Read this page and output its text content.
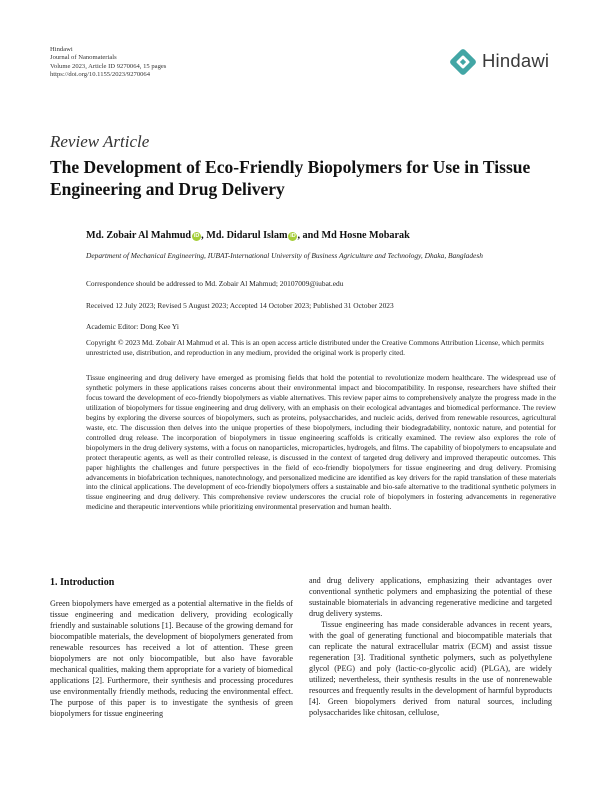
Hindawi
Journal of Nanomaterials
Volume 2023, Article ID 9270064, 15 pages
https://doi.org/10.1155/2023/9270064
Hindawi
Review Article
The Development of Eco-Friendly Biopolymers for Use in Tissue Engineering and Drug Delivery
Md. Zobair Al Mahmud iD , Md. Didarul Islam iD , and Md Hosne Mobarak
Department of Mechanical Engineering, IUBAT-International University of Business Agriculture and Technology, Dhaka, Bangladesh
Correspondence should be addressed to Md. Zobair Al Mahmud; 20107009@iubat.edu
Received 12 July 2023; Revised 5 August 2023; Accepted 14 October 2023; Published 31 October 2023
Academic Editor: Dong Kee Yi
Copyright © 2023 Md. Zobair Al Mahmud et al. This is an open access article distributed under the Creative Commons Attribution License, which permits unrestricted use, distribution, and reproduction in any medium, provided the original work is properly cited.
Tissue engineering and drug delivery have emerged as promising fields that hold the potential to revolutionize modern healthcare. The widespread use of synthetic polymers in these applications raises concerns about their environmental impact and biocompatibility. In response, researchers have shifted their focus toward the development of eco-friendly biopolymers as viable alternatives. This review paper aims to comprehensively analyze the progress made in the utilization of biopolymers for tissue engineering and drug delivery, with an emphasis on their ecological advantages and biomedical performance. The review begins by exploring the diverse sources of biopolymers, such as proteins, polysaccharides, and nucleic acids, derived from renewable resources, agricultural waste, etc. The discussion then delves into the unique properties of these biopolymers, including their biodegradability, nontoxic nature, and potential for controlled drug release. The incorporation of biopolymers in tissue engineering scaffolds is critically examined. The review also explores the role of biopolymers in the drug delivery systems, with a focus on nanoparticles, microparticles, hydrogels, and films. The capability of biopolymers to encapsulate and protect therapeutic agents, as well as their controlled release, is discussed in the context of targeted drug delivery and improved therapeutic outcomes. This paper highlights the challenges and future perspectives in the field of eco-friendly biopolymers for tissue engineering and drug delivery. Promising advancements in biofabrication techniques, nanotechnology, and personalized medicine are identified as key drivers for the rapid translation of these materials into the clinical applications. The development of eco-friendly biopolymers offers a sustainable and bio-safe alternative to the traditional synthetic polymers in tissue engineering and drug delivery. This comprehensive review underscores the crucial role of biopolymers in fostering advancements in regenerative medicine and therapeutic interventions while prioritizing environmental preservation and human health.
1. Introduction

Green biopolymers have emerged as a potential alternative in the fields of tissue engineering and medication delivery, providing ecologically friendly and sustainable solutions [1]. Because of the growing demand for biocompatible materials, the development of biopolymers generated from renewable resources has received a lot of attention. These green biopolymers are not only biocompatible, but also have favorable mechanical qualities, making them appropriate for a variety of biomedical applications [2]. Furthermore, their synthesis and processing procedures use environmentally friendly methods, reducing the environmental effect. The purpose of this paper is to investigate the synthesis of green biopolymers for tissue engineering

and drug delivery applications, emphasizing their advantages over conventional synthetic polymers and emphasizing the potential of these sustainable biomaterials in advancing regenerative medicine and targeted drug delivery systems.

Tissue engineering has made considerable advances in recent years, with the goal of generating functional and biocompatible materials that can replicate the natural extracellular matrix (ECM) and assist tissue regeneration [3]. Traditional synthetic polymers, such as polyethylene glycol (PEG) and poly (lactic-co-glycolic acid) (PLGA), are widely utilized; nevertheless, their synthesis results in the use of nonrenewable resources and frequently results in the development of harmful byproducts [4]. Green biopolymers derived from natural sources, including polysaccharides like chitosan, cellulose,
